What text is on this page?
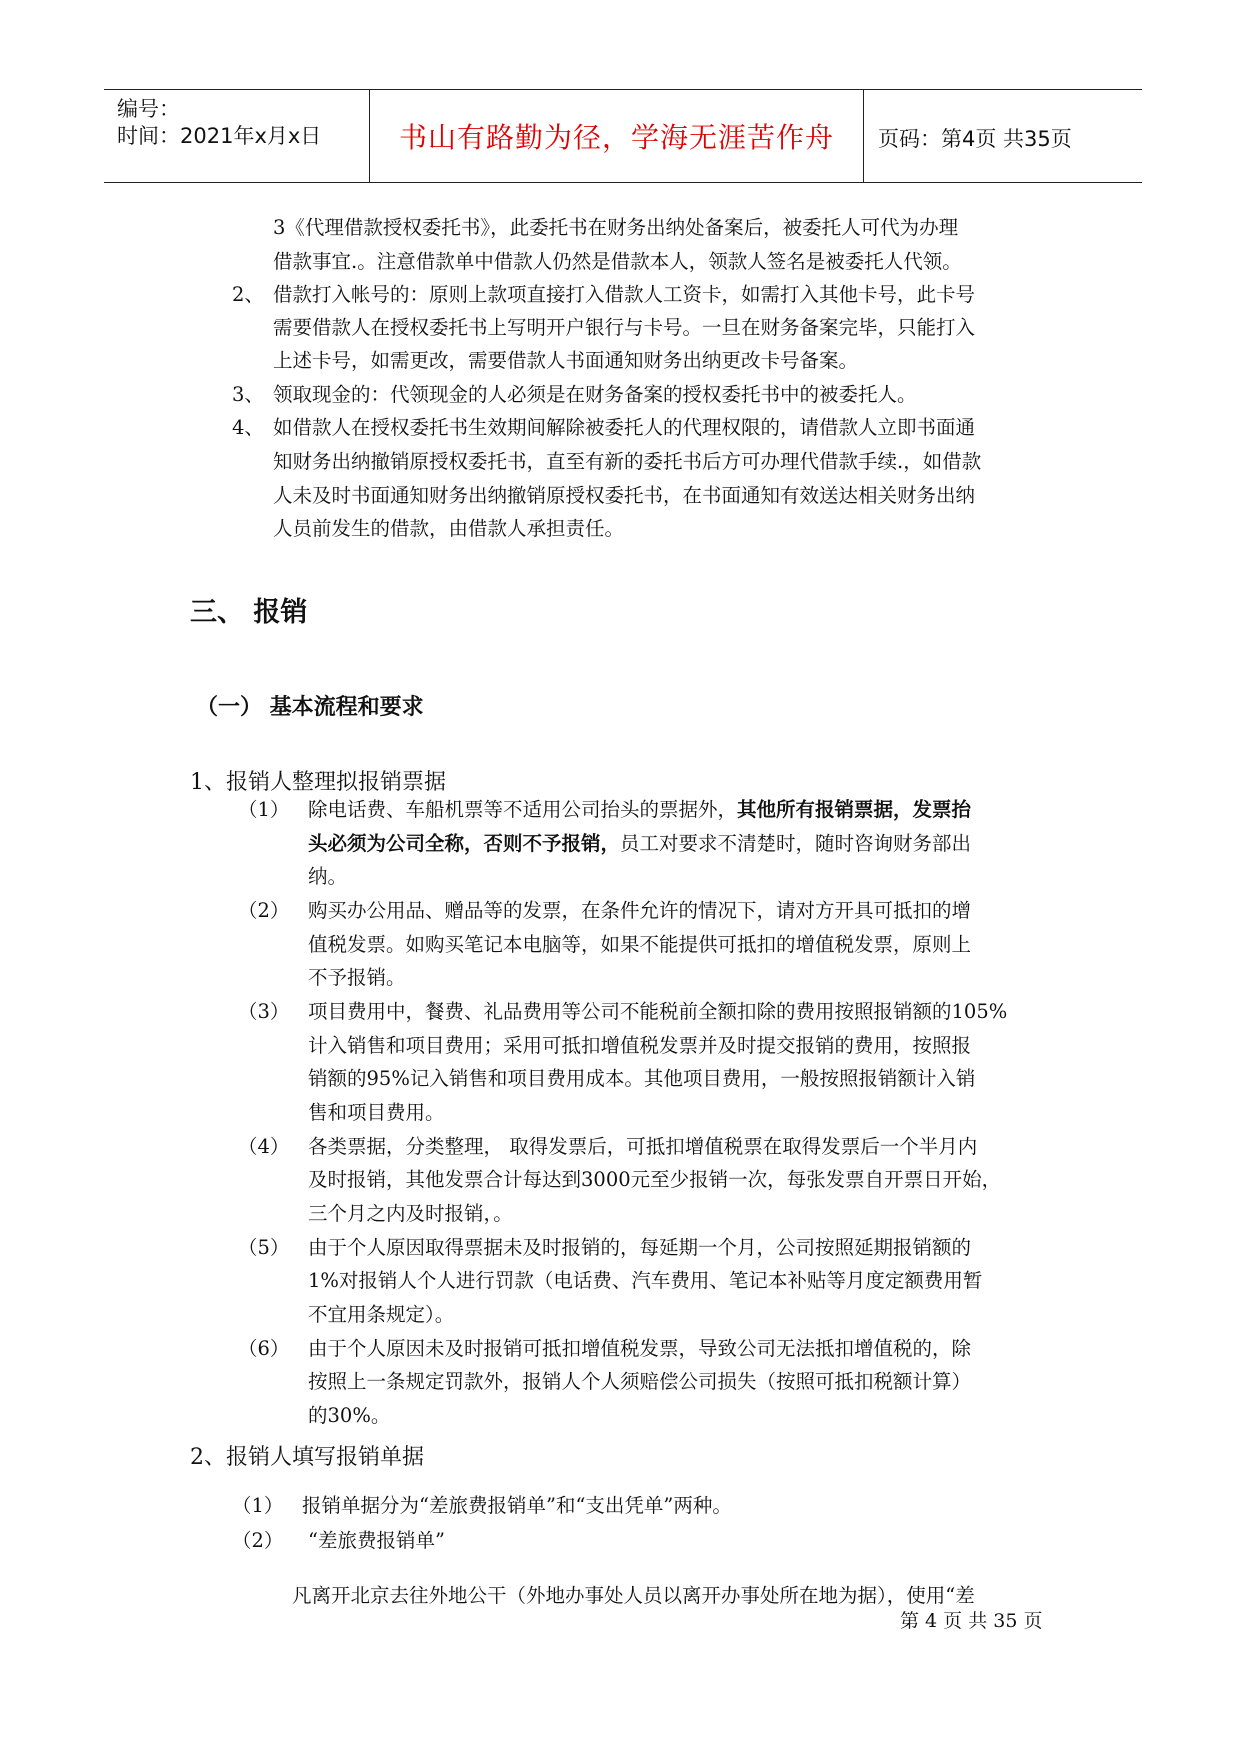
编号：
时间：2021年x月x日	书山有路勤为径，学海无涯苦作舟	页码：第4页 共35页
3《代理借款授权委托书》，此委托书在财务出纳处备案后，被委托人可代为办理
借款事宜.。注意借款单中借款人仍然是借款本人，领款人签名是被委托人代领。
2、 借款打入帐号的：原则上款项直接打入借款人工资卡，如需打入其他卡号，此卡号
需要借款人在授权委托书上写明开户银行与卡号。一旦在财务备案完毕，只能打入
上述卡号，如需更改，需要借款人书面通知财务出纳更改卡号备案。
3、 领取现金的：代领现金的人必须是在财务备案的授权委托书中的被委托人。
4、 如借款人在授权委托书生效期间解除被委托人的代理权限的，请借款人立即书面通
知财务出纳撤销原授权委托书，直至有新的委托书后方可办理代借款手续.，如借款
人未及时书面通知财务出纳撤销原授权委托书，在书面通知有效送达相关财务出纳
人员前发生的借款，由借款人承担责任。
三、 报销
（一） 基本流程和要求
1、报销人整理拟报销票据
（1） 除电话费、车船机票等不适用公司抬头的票据外，其他所有报销票据，发票抬
头必须为公司全称，否则不予报销，员工对要求不清楚时，随时咨询财务部出
纳。
（2） 购买办公用品、赠品等的发票，在条件允许的情况下，请对方开具可抵扣的增
值税发票。如购买笔记本电脑等，如果不能提供可抵扣的增值税发票，原则上
不予报销。
（3） 项目费用中，餐费、礼品费用等公司不能税前全额扣除的费用按照报销额的105%
计入销售和项目费用；采用可抵扣增值税发票并及时提交报销的费用，按照报
销额的95%记入销售和项目费用成本。其他项目费用，一般按照报销额计入销
售和项目费用。
（4） 各类票据，分类整理， 取得发票后，可抵扣增值税票在取得发票后一个半月内
及时报销，其他发票合计每达到3000元至少报销一次，每张发票自开票日开始，
三个月之内及时报销，。
（5） 由于个人原因取得票据未及时报销的，每延期一个月，公司按照延期报销额的
1%对报销人个人进行罚款（电话费、汽车费用、笔记本补贴等月度定额费用暂
不宜用条规定）。
（6） 由于个人原因未及时报销可抵扣增值税发票，导致公司无法抵扣增值税的，除
按照上一条规定罚款外，报销人个人须赔偿公司损失（按照可抵扣税额计算）
的30%。
2、报销人填写报销单据
（1） 报销单据分为“差旅费报销单”和“支出凭单”两种。
（2） “差旅费报销单”
凡离开北京去往外地公干（外地办事处人员以离开办事处所在地为据），使用“差
第 4 页 共 35 页
